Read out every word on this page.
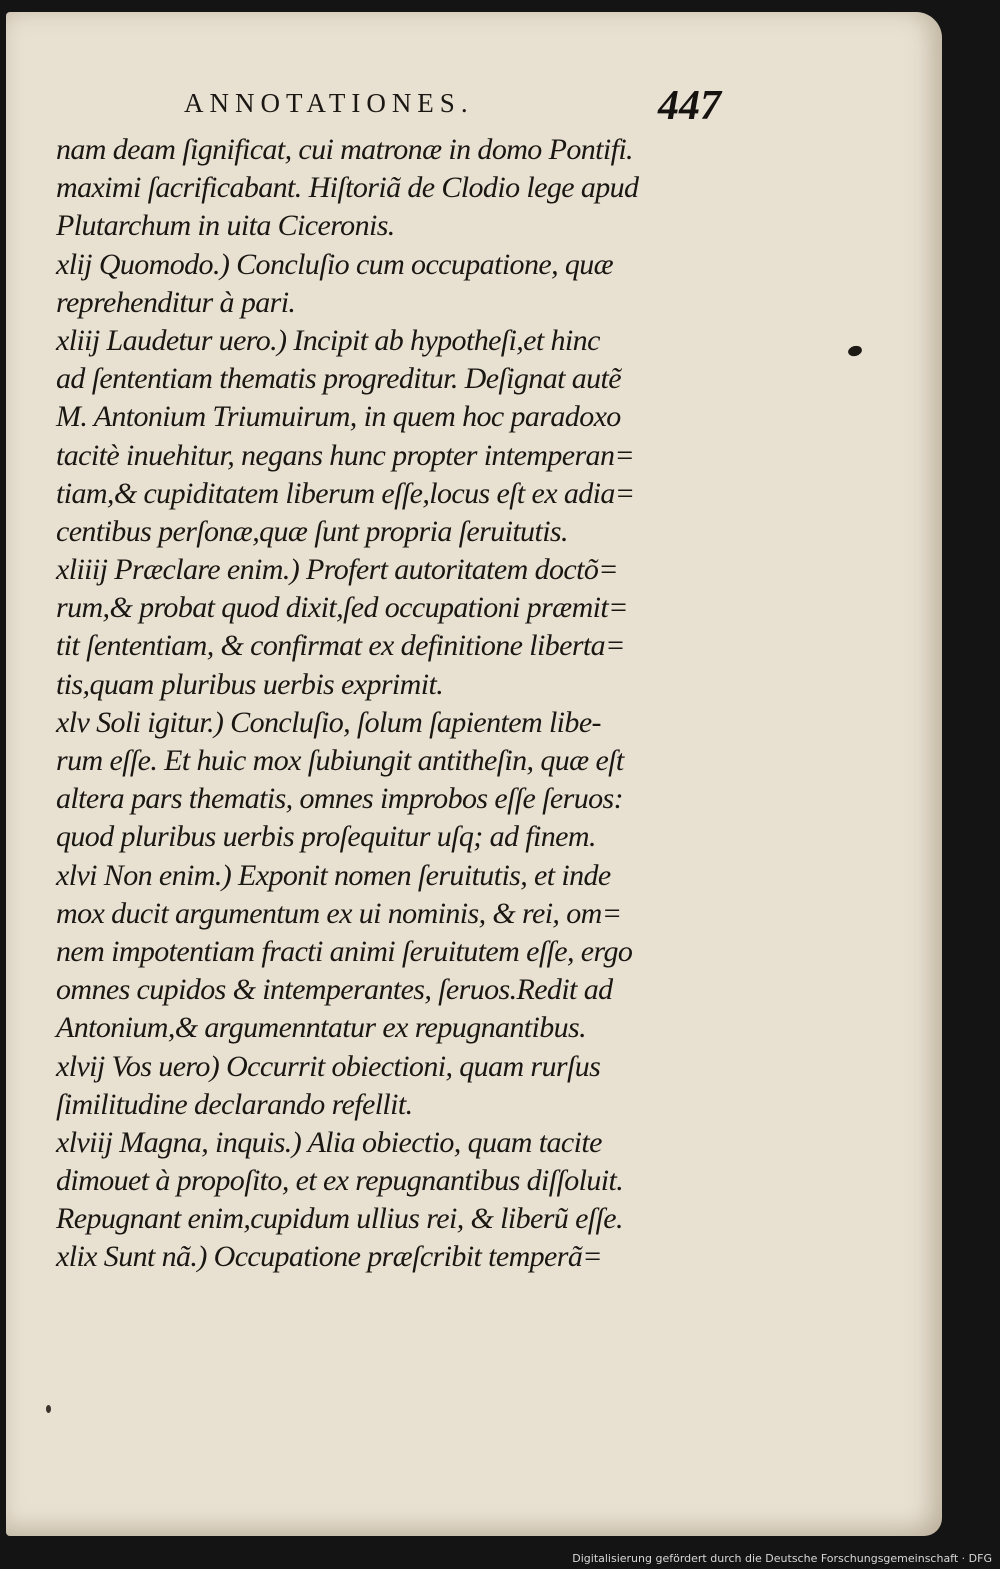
ANNOTATIONES.	447
nam deam ſignificat, cui matronæ in domo Pontifi.
maximi ſacrificabant. Hiſtoriã de Clodio lege apud
Plutarchum in uita Ciceronis.
xlij Quomodo.) Concluſio cum occupatione, quæ
reprehenditur à pari.
xliij Laudetur uero.) Incipit ab hypotheſi,et hinc
ad ſententiam thematis progreditur. Deſignat autẽ
M. Antonium Triumuirum, in quem hoc paradoxo
tacitè inuehitur, negans hunc propter intemperan=
tiam,& cupiditatem liberum eſſe,locus eſt ex adia=
centibus perſonæ,quæ ſunt propria ſeruitutis.
xliiij Præclare enim.) Profert autoritatem doctõ=
rum,& probat quod dixit,ſed occupationi præmit=
tit ſententiam, & confirmat ex definitione liberta=
tis,quam pluribus uerbis exprimit.
xlv Soli igitur.) Concluſio, ſolum ſapientem libe-
rum eſſe. Et huic mox ſubiungit antitheſin, quæ eſt
altera pars thematis, omnes improbos eſſe ſeruos:
quod pluribus uerbis proſequitur uſq; ad finem.
xlvi Non enim.) Exponit nomen ſeruitutis, et inde
mox ducit argumentum ex ui nominis, & rei, om=
nem impotentiam fracti animi ſeruitutem eſſe, ergo
omnes cupidos & intemperantes, ſeruos.Redit ad
Antonium,& argumenntatur ex repugnantibus.
xlvij Vos uero) Occurrit obiectioni, quam rurſus
ſimilitudine declarando refellit.
xlviij Magna, inquis.) Alia obiectio, quam tacite
dimouet à propoſito, et ex repugnantibus diſſoluit.
Repugnant enim,cupidum ullius rei, & liberũ eſſe.
xlix Sunt nã.) Occupatione præſcribit temperã=
Digitalisierung gefördert durch die Deutsche Forschungsgemeinschaft · DFG
